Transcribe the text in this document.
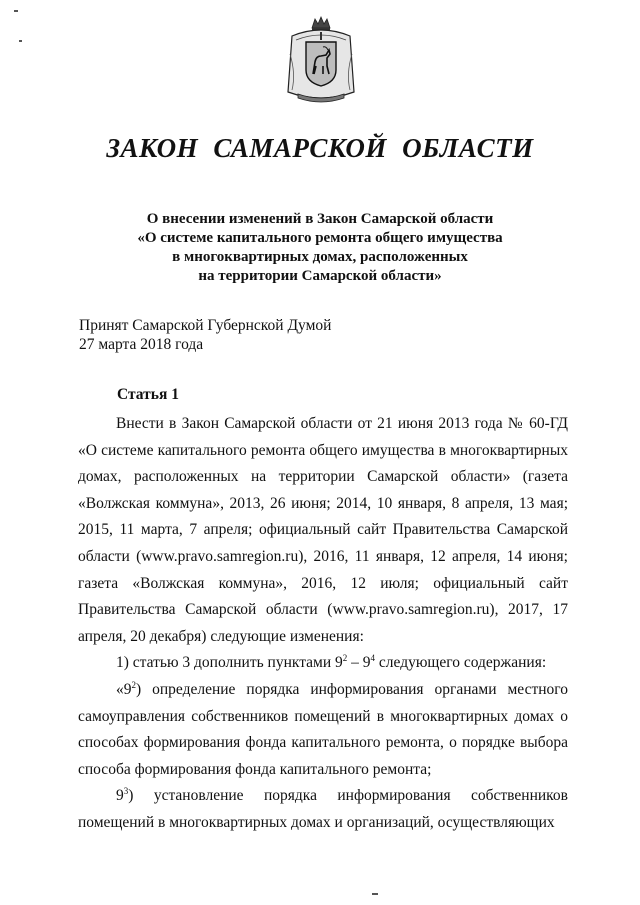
ЗАКОН САМАРСКОЙ ОБЛАСТИ
О внесении изменений в Закон Самарской области
«О системе капитального ремонта общего имущества
в многоквартирных домах, расположенных
на территории Самарской области»
Принят Самарской Губернской Думой
27 марта 2018 года
Статья 1

Внести в Закон Самарской области от 21 июня 2013 года № 60-ГД «О системе капитального ремонта общего имущества в многоквартирных домах, расположенных на территории Самарской области» (газета «Волжская коммуна», 2013, 26 июня; 2014, 10 января, 8 апреля, 13 мая; 2015, 11 марта, 7 апреля; официальный сайт Правительства Самарской области (www.pravo.samregion.ru), 2016, 11 января, 12 апреля, 14 июня; газета «Волжская коммуна», 2016, 12 июля; официальный сайт Правительства Самарской области (www.pravo.samregion.ru), 2017, 17 апреля, 20 декабря) следующие изменения:

1) статью 3 дополнить пунктами $9^2 - 9^4$ следующего содержания:

«$9^2$) определение порядка информирования органами местного самоуправления собственников помещений в многоквартирных домах о способах формирования фонда капитального ремонта, о порядке выбора способа формирования фонда капитального ремонта;

$9^3$) установление порядка информирования собственников помещений в многоквартирных домах и организаций, осуществляющих
